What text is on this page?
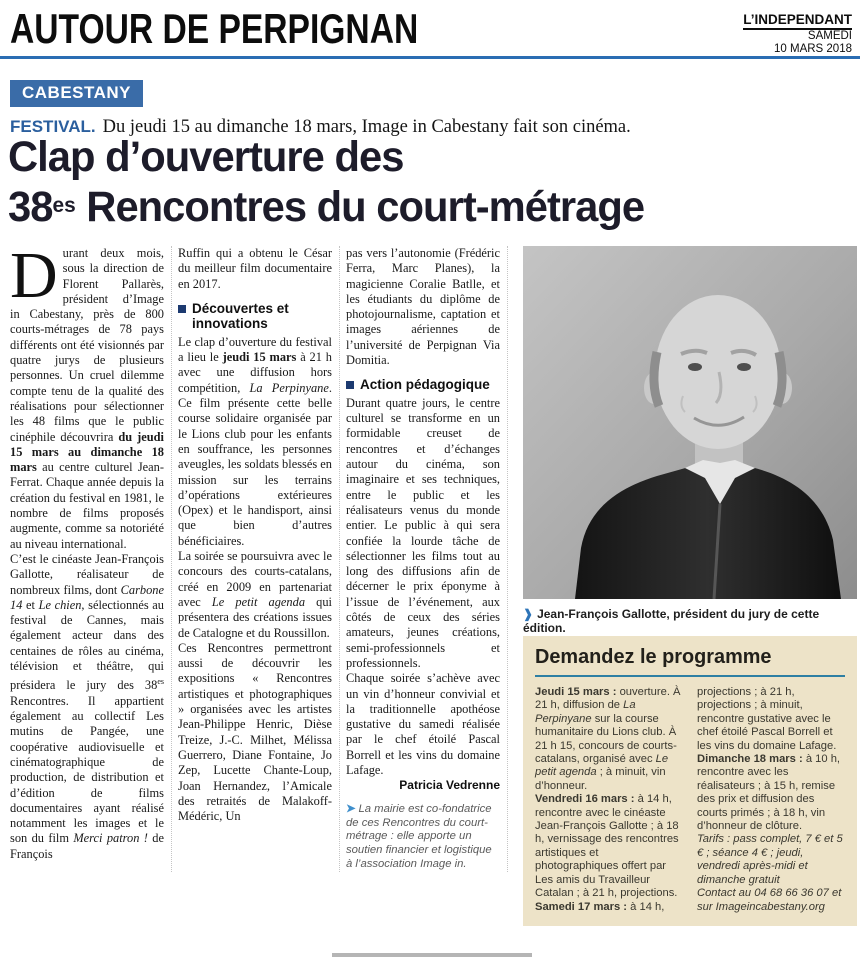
AUTOUR DE PERPIGNAN	L’INDEPENDANT
SAMEDI
10 MARS 2018
CABESTANY
FESTIVAL. Du jeudi 15 au dimanche 18 mars, Image in Cabestany fait son cinéma.
Clap d’ouverture des
$38^{es}$ Rencontres du court-métrage

Durant deux mois, sous la direction de Florent Pallarès, président d’Image in Cabestany, près de 800 courts-métrages de 78 pays différents ont été visionnés par quatre jurys de plusieurs personnes. Un cruel dilemme compte tenu de la qualité des réalisations pour sélectionner les 48 films que le public cinéphile découvrira du jeudi 15 mars au dimanche 18 mars au centre culturel Jean-Ferrat. Chaque année depuis la création du festival en 1981, le nombre de films proposés augmente, comme sa notoriété au niveau international.

C’est le cinéaste Jean-François Gallotte, réalisateur de nombreux films, dont Carbone 14 et Le chien, sélectionnés au festival de Cannes, mais également acteur dans des centaines de rôles au cinéma, télévision et théâtre, qui présidera le jury des $38^{es}$ Rencontres. Il appartient également au collectif Les mutins de Pangée, une coopérative audiovisuelle et cinématographique de production, de distribution et d’édition de films documentaires ayant réalisé notamment les images et le son du film Merci patron ! de François

Ruffin qui a obtenu le César du meilleur film documentaire en 2017.

Découvertes et innovations

Le clap d’ouverture du festival a lieu le jeudi 15 mars à 21 h avec une diffusion hors compétition, La Perpinyane. Ce film présente cette belle course solidaire organisée par le Lions club pour les enfants en souffrance, les personnes aveugles, les soldats blessés en mission sur les terrains d’opérations extérieures (Opex) et le handisport, ainsi que bien d’autres bénéficiaires.

La soirée se poursuivra avec le concours des courts-catalans, créé en 2009 en partenariat avec Le petit agenda qui présentera des créations issues de Catalogne et du Roussillon.

Ces Rencontres permettront aussi de découvrir les expositions « Rencontres artistiques et photographiques » organisées avec les artistes Jean-Philippe Henric, Dièse Treize, J.-C. Milhet, Mélissa Guerrero, Diane Fontaine, Jo Zep, Lucette Chante-Loup, Joan Hernandez, l’Amicale des retraités de Malakoff-Médéric, Un

pas vers l’autonomie (Frédéric Ferra, Marc Planes), la magicienne Coralie Batlle, et les étudiants du diplôme de photojournalisme, captation et images aériennes de l’université de Perpignan Via Domitia.

Action pédagogique

Durant quatre jours, le centre culturel se transforme en un formidable creuset de rencontres et d’échanges autour du cinéma, son imaginaire et ses techniques, entre le public et les réalisateurs venus du monde entier. Le public à qui sera confiée la lourde tâche de sélectionner les films tout au long des diffusions afin de décerner le prix éponyme à l’issue de l’événement, aux côtés de ceux des séries amateurs, jeunes créations, semi-professionnels et professionnels.

Chaque soirée s’achève avec un vin d’honneur convivial et la traditionnelle apothéose gustative du samedi réalisée par le chef étoilé Pascal Borrell et les vins du domaine Lafage.

Patricia Vedrenne

➤ La mairie est co-fondatrice de ces Rencontres du court-métrage : elle apporte un soutien financier et logistique à l’association Image in.

❱ Jean-François Gallotte, président du jury de cette édition.
Demandez le programme

Jeudi 15 mars : ouverture. À 21 h, diffusion de La Perpinyane sur la course humanitaire du Lions club. À 21 h 15, concours de courts-catalans, organisé avec Le petit agenda ; à minuit, vin d’honneur.

Vendredi 16 mars : à 14 h, rencontre avec le cinéaste Jean-François Gallotte ; à 18 h, vernissage des rencontres artistiques et photographiques offert par Les amis du Travailleur Catalan ; à 21 h, projections.

Samedi 17 mars : à 14 h,

projections ; à 21 h, projections ; à minuit, rencontre gustative avec le chef étoilé Pascal Borrell et les vins du domaine Lafage.

Dimanche 18 mars : à 10 h, rencontre avec les réalisateurs ; à 15 h, remise des prix et diffusion des courts primés ; à 18 h, vin d’honneur de clôture.

Tarifs : pass complet, 7 € et 5 € ; séance 4 € ; jeudi, vendredi après-midi et dimanche gratuit

Contact au 04 68 66 36 07 et sur Imageincabestany.org
